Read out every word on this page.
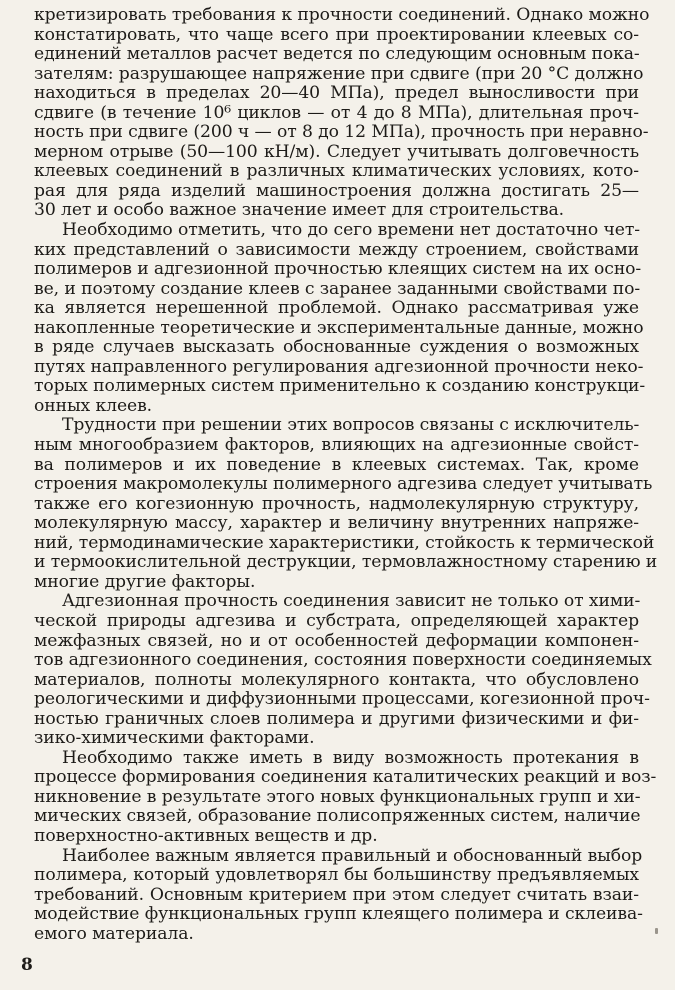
кретизировать требования к прочности соединений. Однако можно
констатировать, что чаще всего при проектировании клеевых со-
единений металлов расчет ведется по следующим основным пока-
зателям: разрушающее напряжение при сдвиге (при 20 °С должно
находиться в пределах 20—40 МПа), предел выносливости при
сдвиге (в течение 10⁶ циклов — от 4 до 8 МПа), длительная проч-
ность при сдвиге (200 ч — от 8 до 12 МПа), прочность при неравно-
мерном отрыве (50—100 кН/м). Следует учитывать долговечность
клеевых соединений в различных климатических условиях, кото-
рая для ряда изделий машиностроения должна достигать 25—
30 лет и особо важное значение имеет для строительства.
Необходимо отметить, что до сего времени нет достаточно чет-
ких представлений о зависимости между строением, свойствами
полимеров и адгезионной прочностью клеящих систем на их осно-
ве, и поэтому создание клеев с заранее заданными свойствами по-
ка является нерешенной проблемой. Однако рассматривая уже
накопленные теоретические и экспериментальные данные, можно
в ряде случаев высказать обоснованные суждения о возможных
путях направленного регулирования адгезионной прочности неко-
торых полимерных систем применительно к созданию конструкци-
онных клеев.
Трудности при решении этих вопросов связаны с исключитель-
ным многообразием факторов, влияющих на адгезионные свойст-
ва полимеров и их поведение в клеевых системах. Так, кроме
строения макромолекулы полимерного адгезива следует учитывать
также его когезионную прочность, надмолекулярную структуру,
молекулярную массу, характер и величину внутренних напряже-
ний, термодинамические характеристики, стойкость к термической
и термоокислительной деструкции, термовлажностному старению и
многие другие факторы.
Адгезионная прочность соединения зависит не только от хими-
ческой природы адгезива и субстрата, определяющей характер
межфазных связей, но и от особенностей деформации компонен-
тов адгезионного соединения, состояния поверхности соединяемых
материалов, полноты молекулярного контакта, что обусловлено
реологическими и диффузионными процессами, когезионной проч-
ностью граничных слоев полимера и другими физическими и фи-
зико-химическими факторами.
Необходимо также иметь в виду возможность протекания в
процессе формирования соединения каталитических реакций и воз-
никновение в результате этого новых функциональных групп и хи-
мических связей, образование полисопряженных систем, наличие
поверхностно-активных веществ и др.
Наиболее важным является правильный и обоснованный выбор
полимера, который удовлетворял бы большинству предъявляемых
требований. Основным критерием при этом следует считать взаи-
модействие функциональных групп клеящего полимера и склеива-
емого материала.
8
